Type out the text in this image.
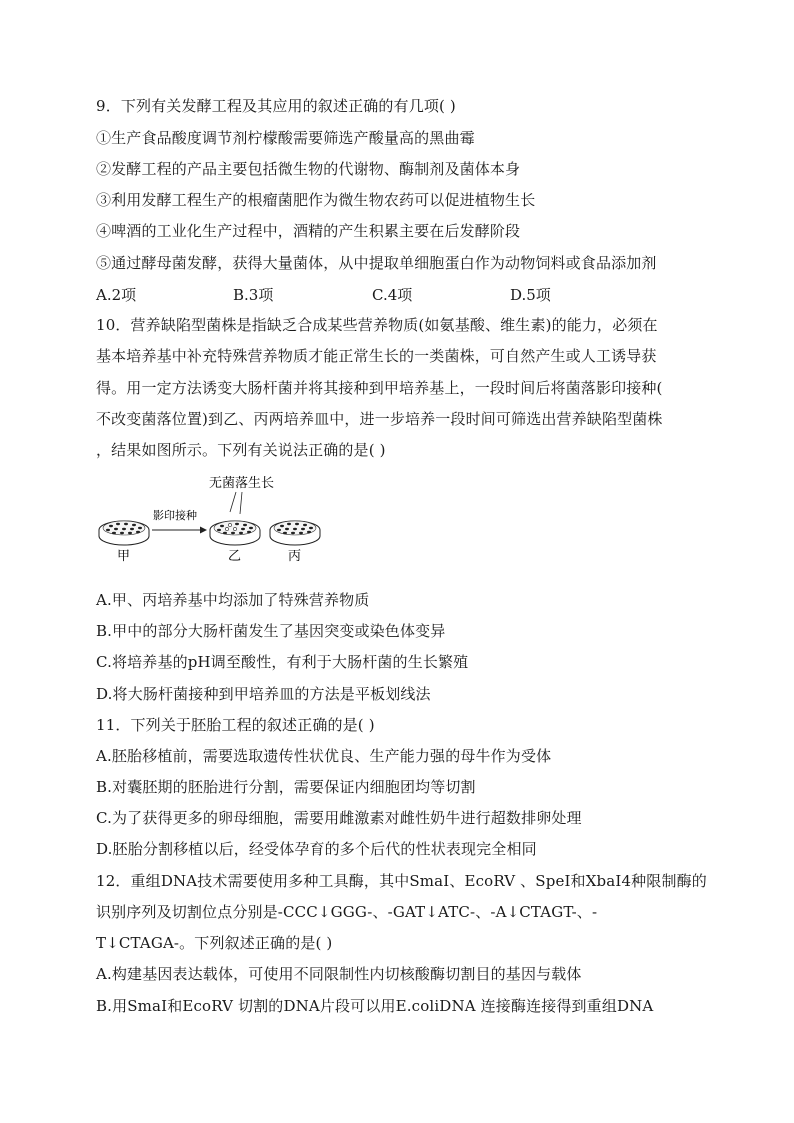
9．下列有关发酵工程及其应用的叙述正确的有几项( )
①生产食品酸度调节剂柠檬酸需要筛选产酸量高的黑曲霉
②发酵工程的产品主要包括微生物的代谢物、酶制剂及菌体本身
③利用发酵工程生产的根瘤菌肥作为微生物农药可以促进植物生长
④啤酒的工业化生产过程中，酒精的产生积累主要在后发酵阶段
⑤通过酵母菌发酵，获得大量菌体，从中提取单细胞蛋白作为动物饲料或食品添加剂
A.2项	B.3项	C.4项	D.5项
10．营养缺陷型菌株是指缺乏合成某些营养物质(如氨基酸、维生素)的能力，必须在
基本培养基中补充特殊营养物质才能正常生长的一类菌株，可自然产生或人工诱导获
得。用一定方法诱变大肠杆菌并将其接种到甲培养基上，一段时间后将菌落影印接种(
不改变菌落位置)到乙、丙两培养皿中，进一步培养一段时间可筛选出营养缺陷型菌株
，结果如图所示。下列有关说法正确的是( )
无菌落生长
影印接种
甲	乙	丙
A.甲、丙培养基中均添加了特殊营养物质
B.甲中的部分大肠杆菌发生了基因突变或染色体变异
C.将培养基的pH调至酸性，有利于大肠杆菌的生长繁殖
D.将大肠杆菌接种到甲培养皿的方法是平板划线法
11．下列关于胚胎工程的叙述正确的是( )
A.胚胎移植前，需要选取遗传性状优良、生产能力强的母牛作为受体
B.对囊胚期的胚胎进行分割，需要保证内细胞团均等切割
C.为了获得更多的卵母细胞，需要用雌激素对雌性奶牛进行超数排卵处理
D.胚胎分割移植以后，经受体孕育的多个后代的性状表现完全相同
12．重组DNA技术需要使用多种工具酶，其中SmaI、EcoRV 、SpeI和XbaI4种限制酶的
识别序列及切割位点分别是-CCC↓GGG-、-GAT↓ATC-、-A↓CTAGT-、-
T↓CTAGA-。下列叙述正确的是( )
A.构建基因表达载体，可使用不同限制性内切核酸酶切割目的基因与载体
B.用SmaI和EcoRV 切割的DNA片段可以用E.coliDNA 连接酶连接得到重组DNA
